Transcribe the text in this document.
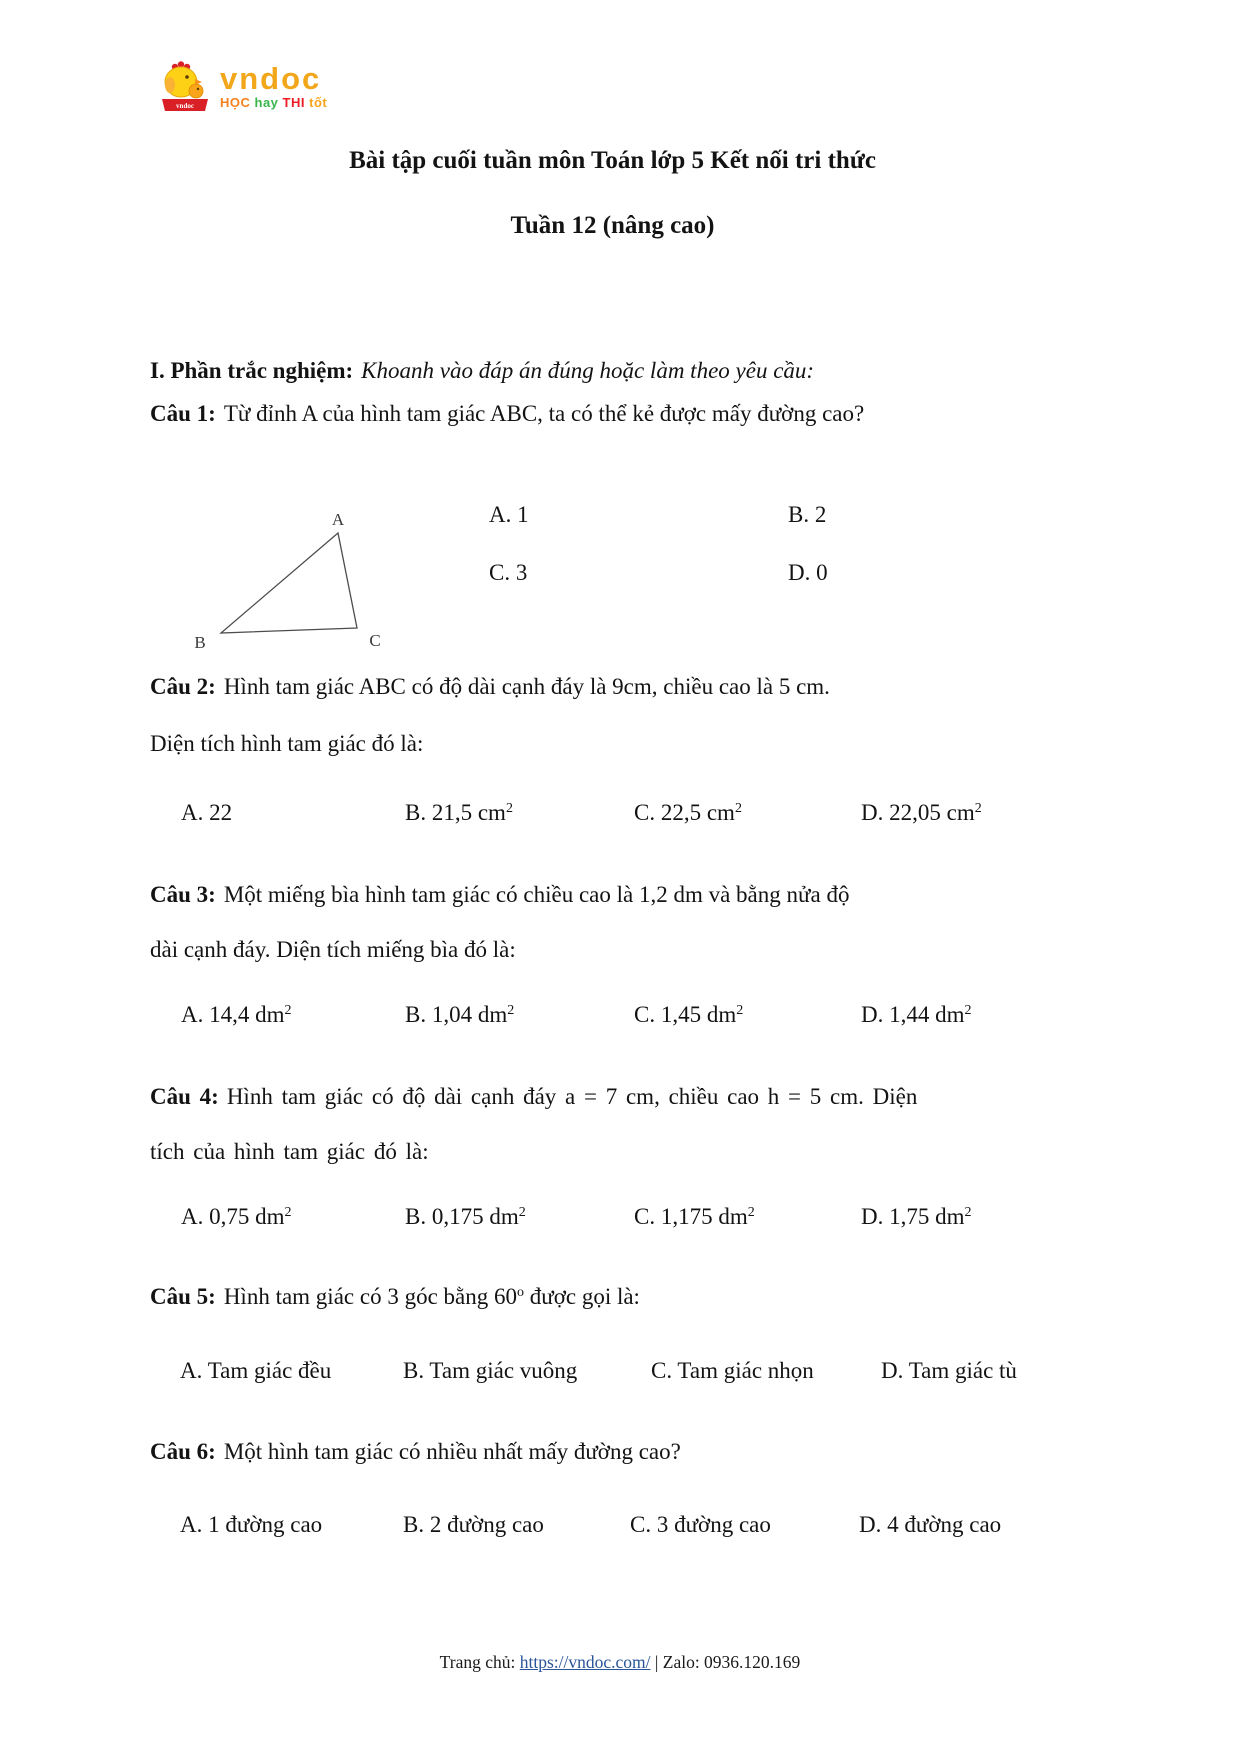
vndoc
vndoc
HỌC hay THI tốt
Bài tập cuối tuần môn Toán lớp 5 Kết nối tri thức
Tuần 12 (nâng cao)
I. Phần trắc nghiệm: Khoanh vào đáp án đúng hoặc làm theo yêu cầu:
Câu 1: Từ đỉnh A của hình tam giác ABC, ta có thể kẻ được mấy đường cao?
A
B	C
A. 1	B. 2
C. 3	D. 0
Câu 2: Hình tam giác ABC có độ dài cạnh đáy là 9cm, chiều cao là 5 cm.
Diện tích hình tam giác đó là:
A. 22	B. 21,5 $cm^2$	C. 22,5 $cm^2$	D. 22,05 $cm^2$
Câu 3: Một miếng bìa hình tam giác có chiều cao là 1,2 dm và bằng nửa độ
dài cạnh đáy. Diện tích miếng bìa đó là:
A. 14,4 $dm^2$	B. 1,04 $dm^2$	C. 1,45 $dm^2$	D. 1,44 $dm^2$
Câu 4: Hình tam giác có độ dài cạnh đáy a = 7 cm, chiều cao h = 5 cm. Diện
tích của hình tam giác đó là:
A. 0,75 $dm^2$	B. 0,175 $dm^2$	C. 1,175 $dm^2$	D. 1,75 $dm^2$
Câu 5: Hình tam giác có 3 góc bằng 60$^o$ được gọi là:
A. Tam giác đều	B. Tam giác vuông	C. Tam giác nhọn	D. Tam giác tù
Câu 6: Một hình tam giác có nhiều nhất mấy đường cao?
A. 1 đường cao	B. 2 đường cao	C. 3 đường cao	D. 4 đường cao
Trang chủ: https://vndoc.com/ | Zalo: 0936.120.169
